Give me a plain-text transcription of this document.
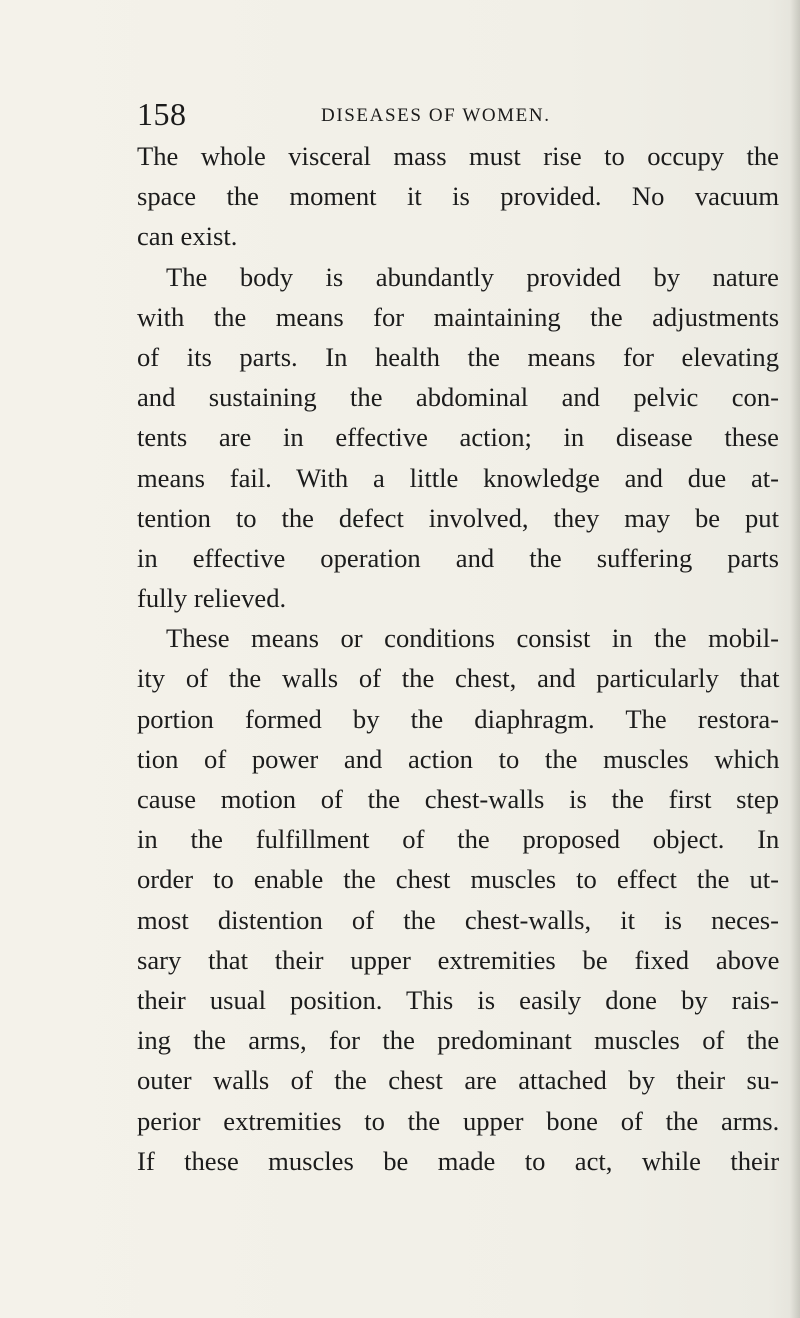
158	DISEASES OF WOMEN.
The whole visceral mass must rise to occupy the
space the moment it is provided. No vacuum
can exist.
The body is abundantly provided by nature
with the means for maintaining the adjustments
of its parts. In health the means for elevating
and sustaining the abdominal and pelvic con-
tents are in effective action; in disease these
means fail. With a little knowledge and due at-
tention to the defect involved, they may be put
in effective operation and the suffering parts
fully relieved.
These means or conditions consist in the mobil-
ity of the walls of the chest, and particularly that
portion formed by the diaphragm. The restora-
tion of power and action to the muscles which
cause motion of the chest-walls is the first step
in the fulfillment of the proposed object. In
order to enable the chest muscles to effect the ut-
most distention of the chest-walls, it is neces-
sary that their upper extremities be fixed above
their usual position. This is easily done by rais-
ing the arms, for the predominant muscles of the
outer walls of the chest are attached by their su-
perior extremities to the upper bone of the arms.
If these muscles be made to act, while their
